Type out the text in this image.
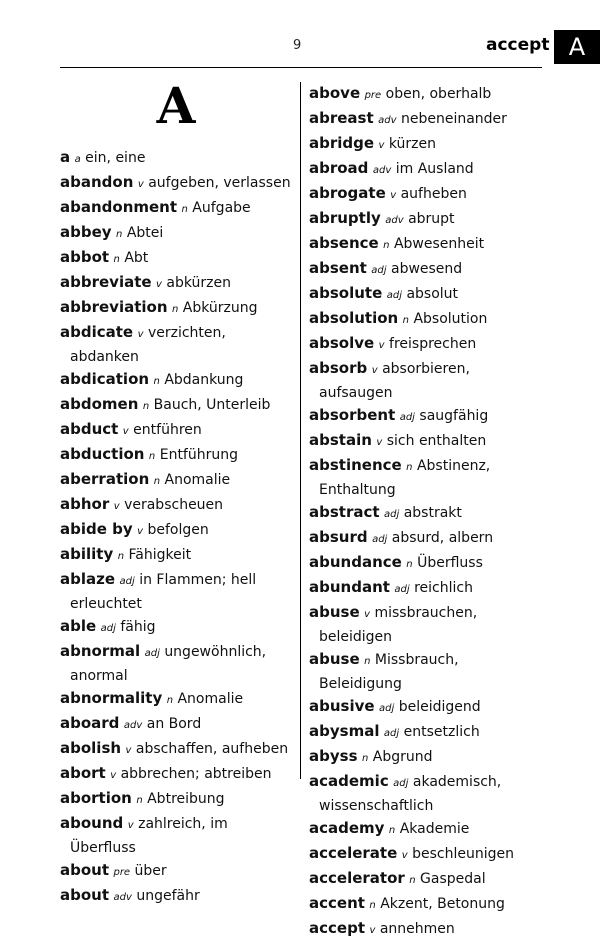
9	accept A
A
a a ein, eine
abandon v aufgeben, verlassen
abandonment n Aufgabe
abbey n Abtei
abbot n Abt
abbreviate v abkürzen
abbreviation n Abkürzung
abdicate v verzichten, abdanken
abdication n Abdankung
abdomen n Bauch, Unterleib
abduct v entführen
abduction n Entführung
aberration n Anomalie
abhor v verabscheuen
abide by v befolgen
ability n Fähigkeit
ablaze adj in Flammen; hell erleuchtet
able adj fähig
abnormal adj ungewöhnlich, anormal
abnormality n Anomalie
aboard adv an Bord
abolish v abschaffen, aufheben
abort v abbrechen; abtreiben
abortion n Abtreibung
abound v zahlreich, im Überfluss
about pre über
about adv ungefähr
above pre oben, oberhalb
abreast adv nebeneinander
abridge v kürzen
abroad adv im Ausland
abrogate v aufheben
abruptly adv abrupt
absence n Abwesenheit
absent adj abwesend
absolute adj absolut
absolution n Absolution
absolve v freisprechen
absorb v absorbieren, aufsaugen
absorbent adj saugfähig
abstain v sich enthalten
abstinence n Abstinenz, Enthaltung
abstract adj abstrakt
absurd adj absurd, albern
abundance n Überfluss
abundant adj reichlich
abuse v missbrauchen, beleidigen
abuse n Missbrauch, Beleidigung
abusive adj beleidigend
abysmal adj entsetzlich
abyss n Abgrund
academic adj akademisch, wissenschaftlich
academy n Akademie
accelerate v beschleunigen
accelerator n Gaspedal
accent n Akzent, Betonung
accept v annehmen
